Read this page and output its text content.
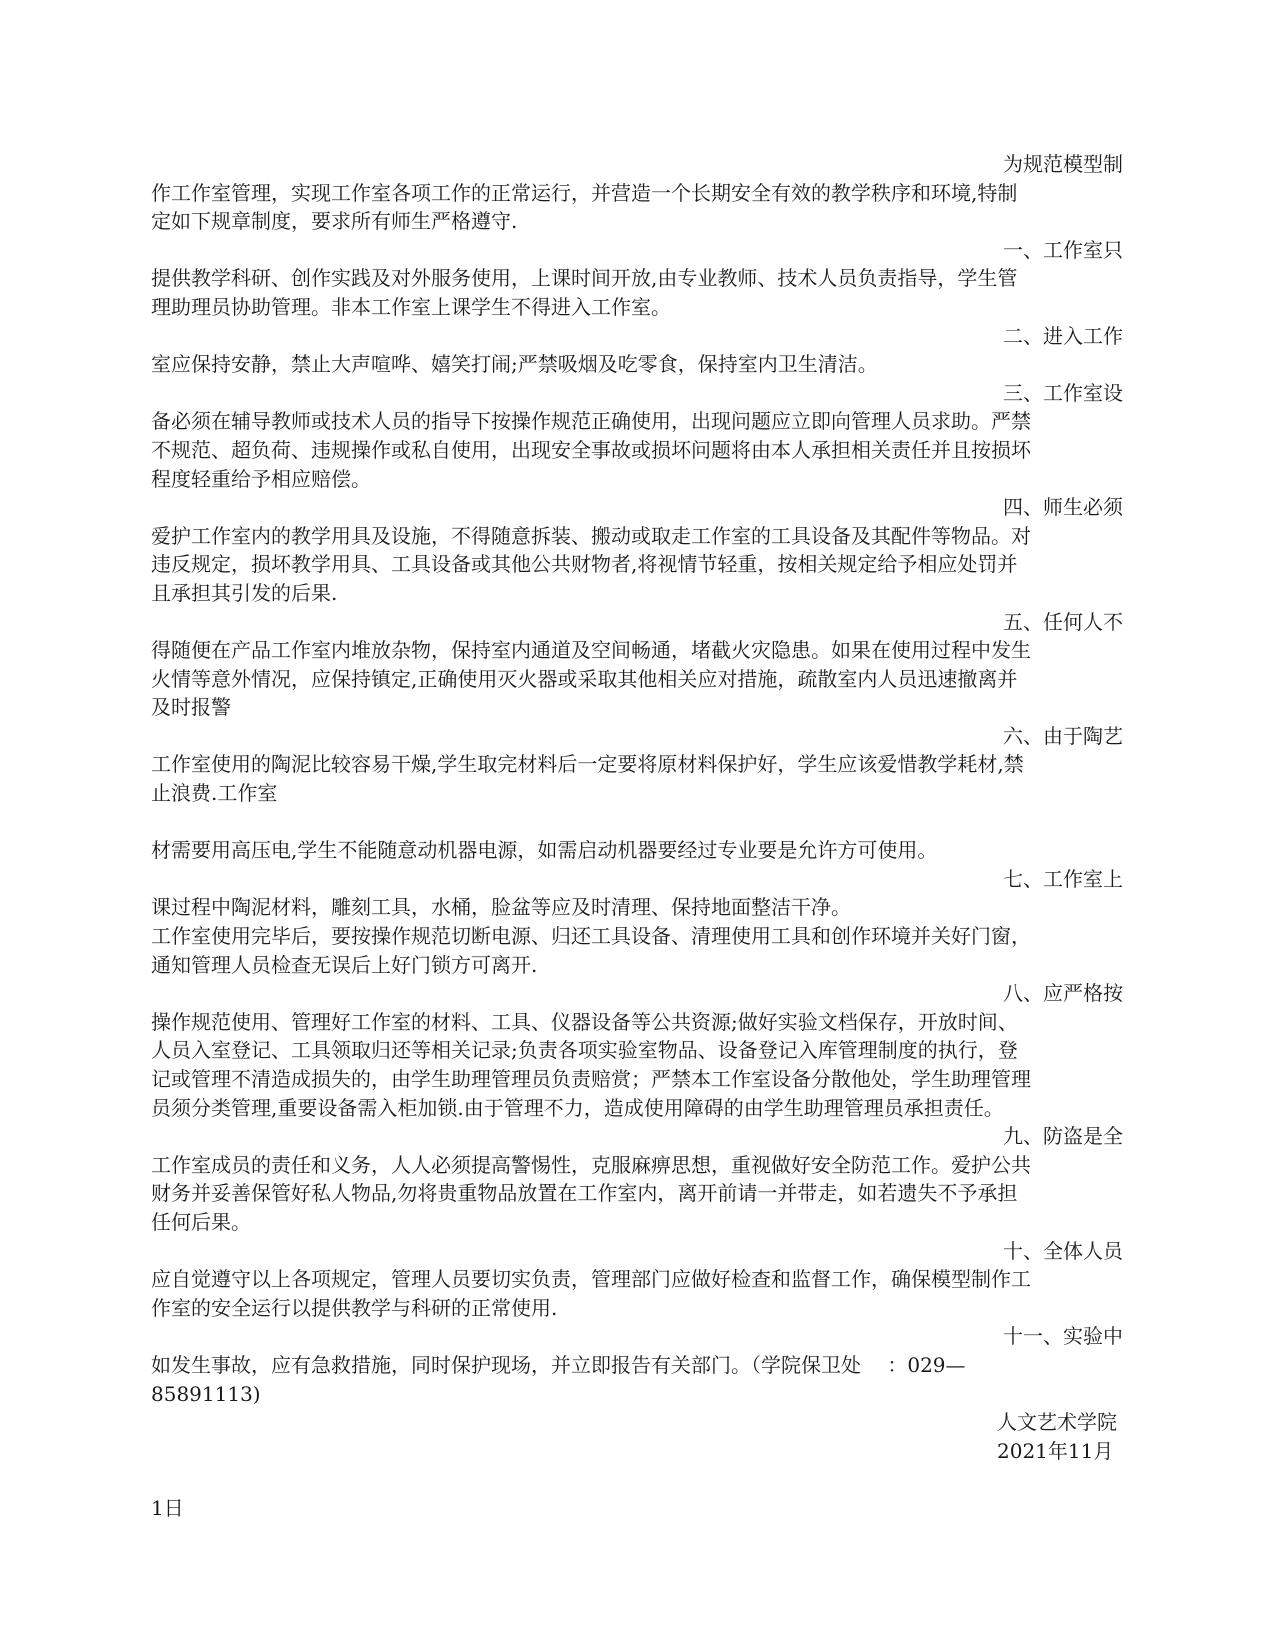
为规范模型制
作工作室管理，实现工作室各项工作的正常运行，并营造一个长期安全有效的教学秩序和环境,特制
定如下规章制度，要求所有师生严格遵守.
一、工作室只
提供教学科研、创作实践及对外服务使用，上课时间开放,由专业教师、技术人员负责指导，学生管
理助理员协助管理。非本工作室上课学生不得进入工作室。
二、进入工作
室应保持安静，禁止大声喧哗、嬉笑打闹;严禁吸烟及吃零食，保持室内卫生清洁。
三、工作室设
备必须在辅导教师或技术人员的指导下按操作规范正确使用，出现问题应立即向管理人员求助。严禁
不规范、超负荷、违规操作或私自使用，出现安全事故或损坏问题将由本人承担相关责任并且按损坏
程度轻重给予相应赔偿。
四、师生必须
爱护工作室内的教学用具及设施，不得随意拆装、搬动或取走工作室的工具设备及其配件等物品。对
违反规定，损坏教学用具、工具设备或其他公共财物者,将视情节轻重，按相关规定给予相应处罚并
且承担其引发的后果.
五、任何人不
得随便在产品工作室内堆放杂物，保持室内通道及空间畅通，堵截火灾隐患。如果在使用过程中发生
火情等意外情况，应保持镇定,正确使用灭火器或采取其他相关应对措施，疏散室内人员迅速撤离并
及时报警
六、由于陶艺
工作室使用的陶泥比较容易干燥,学生取完材料后一定要将原材料保护好，学生应该爱惜教学耗材,禁
止浪费.工作室
材需要用高压电,学生不能随意动机器电源，如需启动机器要经过专业要是允许方可使用。
七、工作室上
课过程中陶泥材料，雕刻工具，水桶，脸盆等应及时清理、保持地面整洁干净。
工作室使用完毕后，要按操作规范切断电源、归还工具设备、清理使用工具和创作环境并关好门窗，
通知管理人员检查无误后上好门锁方可离开.
八、应严格按
操作规范使用、管理好工作室的材料、工具、仪器设备等公共资源;做好实验文档保存，开放时间、
人员入室登记、工具领取归还等相关记录;负责各项实验室物品、设备登记入库管理制度的执行，登
记或管理不清造成损失的，由学生助理管理员负责赔赏；严禁本工作室设备分散他处，学生助理管理
员须分类管理,重要设备需入柜加锁.由于管理不力，造成使用障碍的由学生助理管理员承担责任。
九、防盗是全
工作室成员的责任和义务，人人必须提高警惕性，克服麻痹思想，重视做好安全防范工作。爱护公共
财务并妥善保管好私人物品,勿将贵重物品放置在工作室内，离开前请一并带走，如若遗失不予承担
任何后果。
十、全体人员
应自觉遵守以上各项规定，管理人员要切实负责，管理部门应做好检查和监督工作，确保模型制作工
作室的安全运行以提供教学与科研的正常使用.
十一、实验中
如发生事故，应有急救措施，同时保护现场，并立即报告有关部门。（学院保卫处　 ：029—
85891113)
人文艺术学院
2021年11月
1日
